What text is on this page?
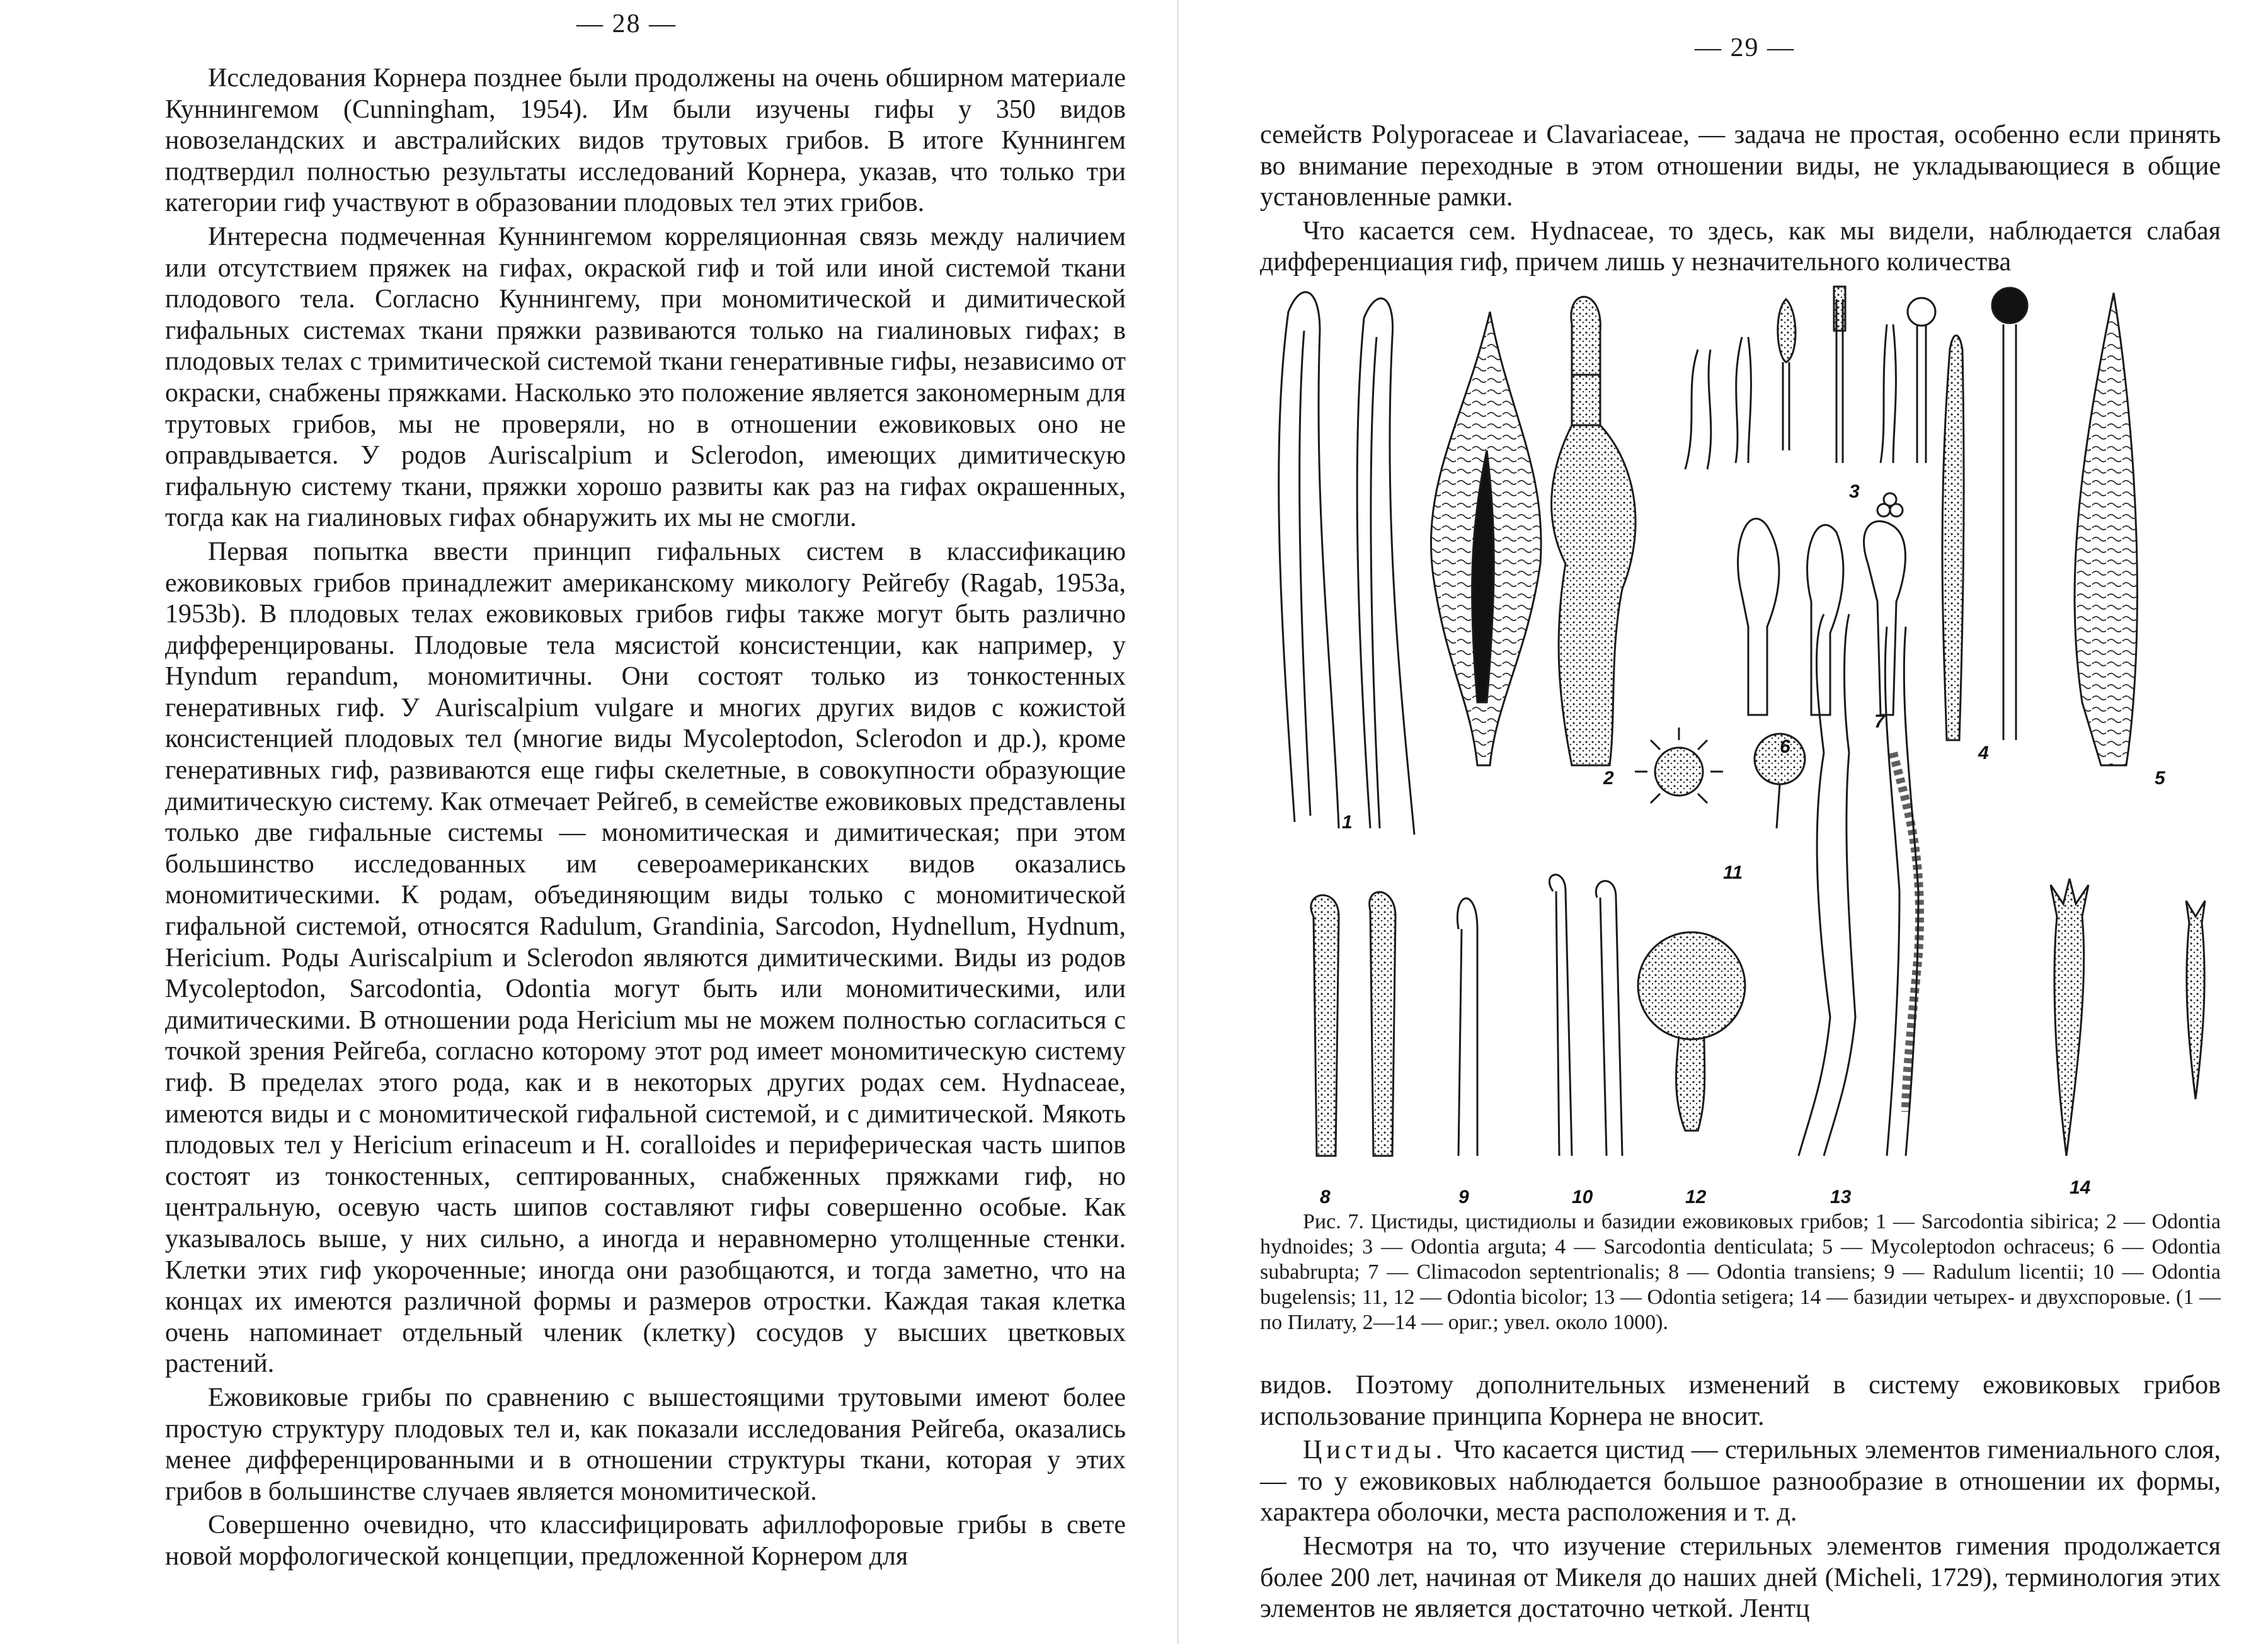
— 28 —

Исследования Корнера позднее были продолжены на очень обширном материале Куннингемом (Cunningham, 1954). Им были изучены гифы у 350 видов новозеландских и австралийских видов трутовых грибов. В итоге Куннингем подтвердил полностью результаты исследований Корнера, указав, что только три категории гиф участвуют в образовании плодовых тел этих грибов.

Интересна подмеченная Куннингемом корреляционная связь между наличием или отсутствием пряжек на гифах, окраской гиф и той или иной системой ткани плодового тела. Согласно Куннингему, при мономитической и димитической гифальных системах ткани пряжки развиваются только на гиалиновых гифах; в плодовых телах с тримитической системой ткани генеративные гифы, независимо от окраски, снабжены пряжками. Насколько это положение является закономерным для трутовых грибов, мы не проверяли, но в отношении ежовиковых оно не оправдывается. У родов Auriscalpium и Sclerodon, имеющих димитическую гифальную систему ткани, пряжки хорошо развиты как раз на гифах окрашенных, тогда как на гиалиновых гифах обнаружить их мы не смогли.

Первая попытка ввести принцип гифальных систем в классификацию ежовиковых грибов принадлежит американскому микологу Рейгебу (Ragab, 1953a, 1953b). В плодовых телах ежовиковых грибов гифы также могут быть различно дифференцированы. Плодовые тела мясистой консистенции, как например, у Hyndum repandum, мономитичны. Они состоят только из тонкостенных генеративных гиф. У Auriscalpium vulgare и многих других видов с кожистой консистенцией плодовых тел (многие виды Mycoleptodon, Sclerodon и др.), кроме генеративных гиф, развиваются еще гифы скелетные, в совокупности образующие димитическую систему. Как отмечает Рейгеб, в семействе ежовиковых представлены только две гифальные системы — мономитическая и димитическая; при этом большинство исследованных им североамериканских видов оказались мономитическими. К родам, объединяющим виды только с мономитической гифальной системой, относятся Radulum, Grandinia, Sarcodon, Hydnellum, Hydnum, Hericium. Роды Auriscalpium и Sclerodon являются димитическими. Виды из родов Mycoleptodon, Sarcodontia, Odontia могут быть или мономитическими, или димитическими. В отношении рода Hericium мы не можем полностью согласиться с точкой зрения Рейгеба, согласно которому этот род имеет мономитическую систему гиф. В пределах этого рода, как и в некоторых других родах сем. Hydnaceae, имеются виды и с мономитической гифальной системой, и с димитической. Мякоть плодовых тел у Hericium erinaceum и H. coralloides и периферическая часть шипов состоят из тонкостенных, септированных, снабженных пряжками гиф, но центральную, осевую часть шипов составляют гифы совершенно особые. Как указывалось выше, у них сильно, а иногда и неравномерно утолщенные стенки. Клетки этих гиф укороченные; иногда они разобщаются, и тогда заметно, что на концах их имеются различной формы и размеров отростки. Каждая такая клетка очень напоминает отдельный членик (клетку) сосудов у высших цветковых растений.

Ежовиковые грибы по сравнению с вышестоящими трутовыми имеют более простую структуру плодовых тел и, как показали исследования Рейгеба, оказались менее дифференцированными и в отношении структуры ткани, которая у этих грибов в большинстве случаев является мономитической.

Совершенно очевидно, что классифицировать афиллофоровые грибы в свете новой морфологической концепции, предложенной Корнером для

— 29 —

семейств Polyporaceae и Clavariaceae, — задача не простая, особенно если принять во внимание переходные в этом отношении виды, не укладывающиеся в общие установленные рамки.

Что касается сем. Hydnaceae, то здесь, как мы видели, наблюдается слабая дифференциация гиф, причем лишь у незначительного количества

1
2
3
4
5
6
7
8	9	10
11
12	13	14

Рис. 7. Цистиды, цистидиолы и базидии ежовиковых грибов; 1 — Sarcodontia sibirica; 2 — Odontia hydnoides; 3 — Odontia arguta; 4 — Sarcodontia denticulata; 5 — Mycoleptodon ochraceus; 6 — Odontia subabrupta; 7 — Climacodon septentrionalis; 8 — Odontia transiens; 9 — Radulum licentii; 10 — Odontia bugelensis; 11, 12 — Odontia bicolor; 13 — Odontia setigera; 14 — базидии четырех- и двухспоровые. (1 — по Пилату, 2—14 — ориг.; увел. около 1000).

видов. Поэтому дополнительных изменений в систему ежовиковых грибов использование принципа Корнера не вносит.

Цистиды. Что касается цистид — стерильных элементов гимениального слоя, — то у ежовиковых наблюдается большое разнообразие в отношении их формы, характера оболочки, места расположения и т. д.

Несмотря на то, что изучение стерильных элементов гимения продолжается более 200 лет, начиная от Микеля до наших дней (Micheli, 1729), терминология этих элементов не является достаточно четкой. Лентц
